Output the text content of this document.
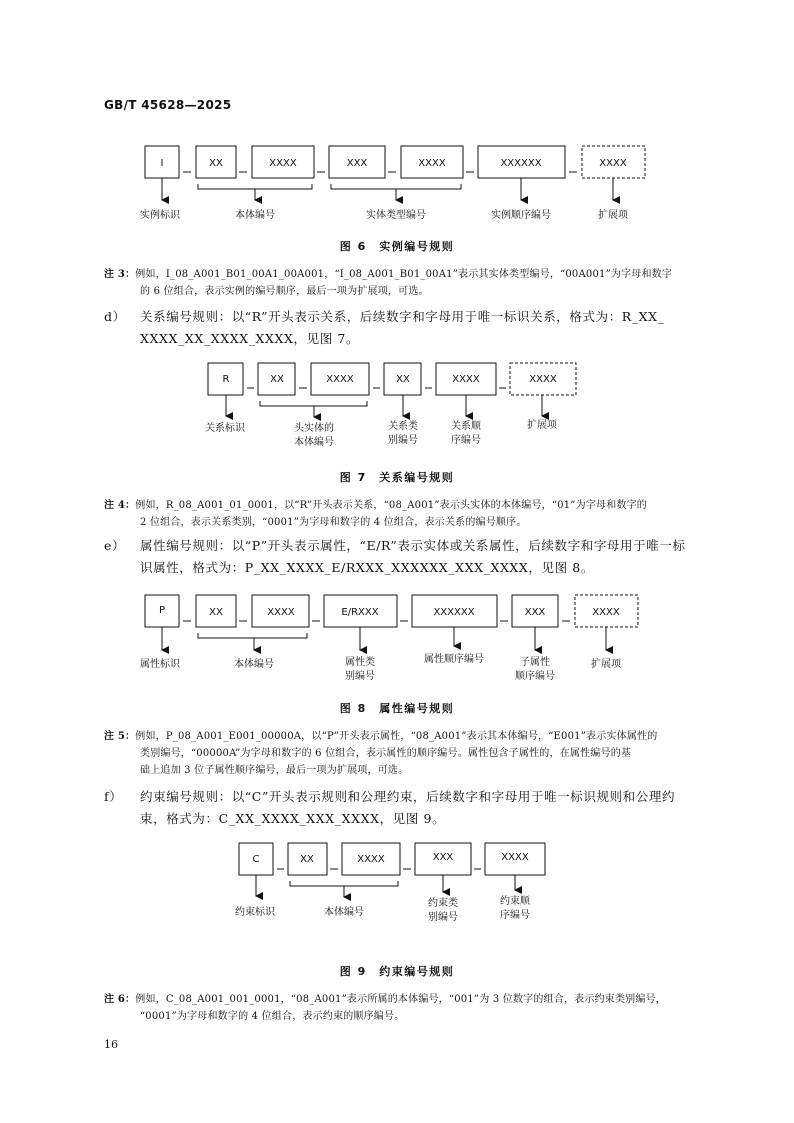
GB/T 45628—2025
I	XX	XXXX	XXX	XXXX	XXXXXX	XXXX
实例标识	本体编号	实体类型编号	实例顺序编号	扩展项
图 6　实例编号规则
注 3：例如，I_08_A001_B01_00A1_00A001，“I_08_A001_B01_00A1”表示其实体类型编号，“00A001”为字母和数字
的 6 位组合，表示实例的编号顺序，最后一项为扩展项，可选。
d） 关系编号规则：以“R”开头表示关系，后续数字和字母用于唯一标识关系，格式为：R_XX_
XXXX_XX_XXXX_XXXX，见图 7。
R	XX	XXXX	XX	XXXX	XXXX
关系标识	头实体的
本体编号
关系类
别编号
关系顺
序编号
扩展项
图 7　关系编号规则
注 4：例如，R_08_A001_01_0001，以“R”开头表示关系，“08_A001”表示头实体的本体编号，“01”为字母和数字的
2 位组合，表示关系类别，“0001”为字母和数字的 4 位组合，表示关系的编号顺序。
e） 属性编号规则：以“P”开头表示属性，“E/R”表示实体或关系属性，后续数字和字母用于唯一标
识属性，格式为：P_XX_XXXX_E/RXXX_XXXXXX_XXX_XXXX，见图 8。
P	XX	XXXX	E/RXXX	XXXXXX	XXX	XXXX
属性标识	本体编号	属性类
别编号
属性顺序编号	子属性
顺序编号
扩展项
图 8　属性编号规则
注 5：例如，P_08_A001_E001_00000A，以“P”开头表示属性，“08_A001”表示其本体编号，“E001”表示实体属性的
类别编号，“00000A”为字母和数字的 6 位组合，表示属性的顺序编号。属性包含子属性的，在属性编号的基
础上追加 3 位子属性顺序编号，最后一项为扩展项，可选。
f） 约束编号规则：以“C”开头表示规则和公理约束，后续数字和字母用于唯一标识规则和公理约
束，格式为：C_XX_XXXX_XXX_XXXX，见图 9。
C	XX	XXXX	XXX	XXXX
约束标识	本体编号
约束类
别编号
约束顺
序编号
图 9　约束编号规则
注 6：例如，C_08_A001_001_0001，“08_A001”表示所属的本体编号，“001”为 3 位数字的组合，表示约束类别编号，
“0001”为字母和数字的 4 位组合，表示约束的顺序编号。
16
